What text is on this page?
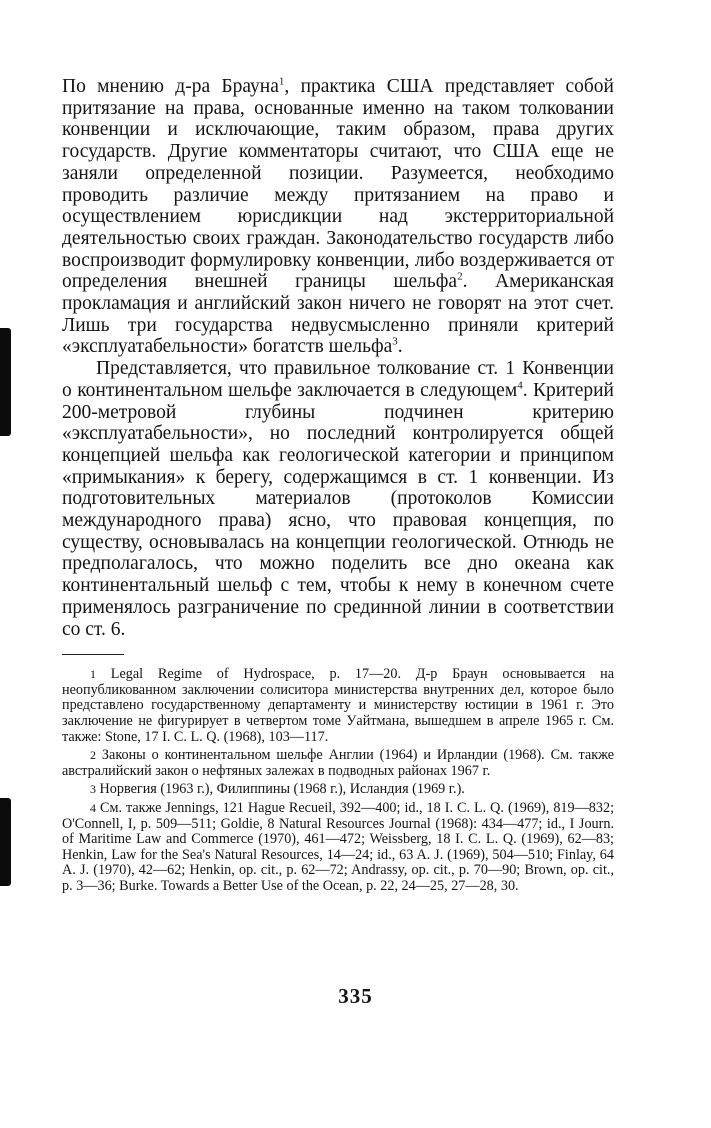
По мнению д-ра Брауна$^1$, практика США представляет собой притязание на права, основанные именно на таком толковании конвенции и исключающие, таким образом, права других государств. Другие комментаторы считают, что США еще не заняли определенной позиции. Разумеется, необходимо проводить различие между притязанием на право и осуществлением юрисдикции над экстерриториальной деятельностью своих граждан. Законодательство государств либо воспроизводит формулировку конвенции, либо воздерживается от определения внешней границы шельфа$^2$. Американская прокламация и английский закон ничего не говорят на этот счет. Лишь три государства недвусмысленно приняли критерий «эксплуатабельности» богатств шельфа$^3$.

Представляется, что правильное толкование ст. 1 Конвенции о континентальном шельфе заключается в следующем$^4$. Критерий 200-метровой глубины подчинен критерию «эксплуатабельности», но последний контролируется общей концепцией шельфа как геологической категории и принципом «примыкания» к берегу, содержащимся в ст. 1 конвенции. Из подготовительных материалов (протоколов Комиссии международного права) ясно, что правовая концепция, по существу, основывалась на концепции геологической. Отнюдь не предполагалось, что можно поделить все дно океана как континентальный шельф с тем, чтобы к нему в конечном счете применялось разграничение по срединной линии в соответствии со ст. 6.

1 Legal Regime of Hydrospace, p. 17—20. Д-р Браун основывается на неопубликованном заключении солиситора министерства внутренних дел, которое было представлено государственному департаменту и министерству юстиции в 1961 г. Это заключение не фигурирует в четвертом томе Уайтмана, вышедшем в апреле 1965 г. См. также: Stone, 17 I. C. L. Q. (1968), 103—117.

2 Законы о континентальном шельфе Англии (1964) и Ирландии (1968). См. также австралийский закон о нефтяных залежах в подводных районах 1967 г.

3 Норвегия (1963 г.), Филиппины (1968 г.), Исландия (1969 г.).

4 См. также Jennings, 121 Hague Recueil, 392—400; id., 18 I. C. L. Q. (1969), 819—832; O'Connell, I, p. 509—511; Goldie, 8 Natural Resources Journal (1968): 434—477; id., I Journ. of Maritime Law and Commerce (1970), 461—472; Weissberg, 18 I. C. L. Q. (1969), 62—83; Henkin, Law for the Sea's Natural Resources, 14—24; id., 63 A. J. (1969), 504—510; Finlay, 64 A. J. (1970), 42—62; Henkin, op. cit., p. 62—72; Andrassy, op. cit., p. 70—90; Brown, op. cit., p. 3—36; Burke. Towards a Better Use of the Ocean, p. 22, 24—25, 27—28, 30.

335
